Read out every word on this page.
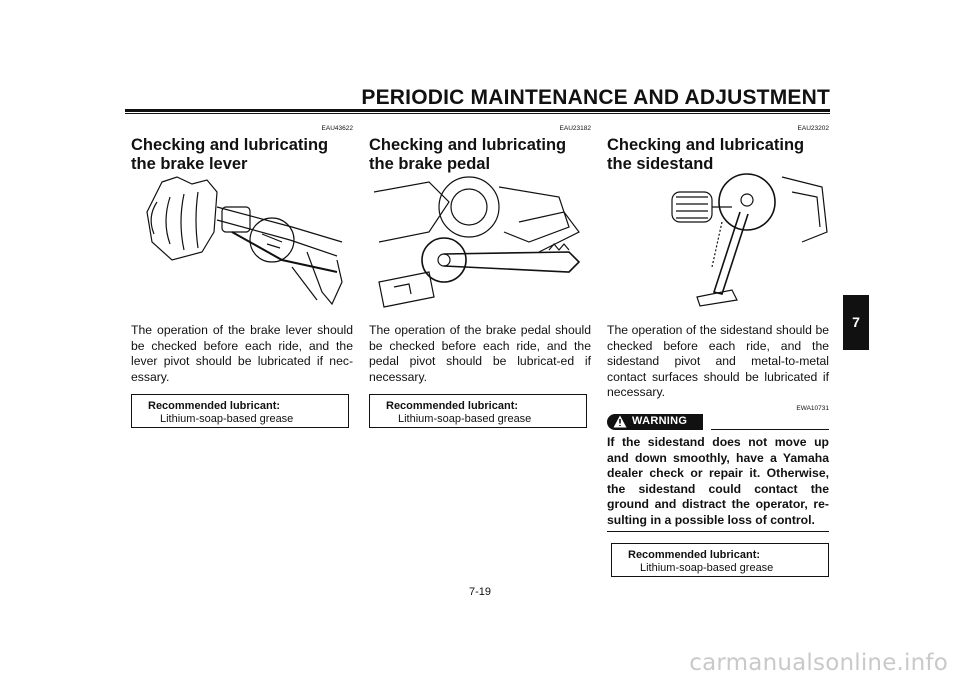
PERIODIC MAINTENANCE AND ADJUSTMENT
EAU43622
Checking and lubricating the brake lever
The operation of the brake lever should be checked before each ride, and the lever pivot should be lubricated if nec-essary.
Recommended lubricant:
Lithium-soap-based grease
EAU23182
Checking and lubricating the brake pedal
The operation of the brake pedal should be checked before each ride, and the pedal pivot should be lubricat-ed if necessary.
Recommended lubricant:
Lithium-soap-based grease
EAU23202
Checking and lubricating the sidestand
The operation of the sidestand should be checked before each ride, and the sidestand pivot and metal-to-metal contact surfaces should be lubricated if necessary.
EWA10731
WARNING
If the sidestand does not move up and down smoothly, have a Yamaha dealer check or repair it. Otherwise, the sidestand could contact the ground and distract the operator, re-sulting in a possible loss of control.
Recommended lubricant:
Lithium-soap-based grease
7
7-19
carmanualsonline.info
